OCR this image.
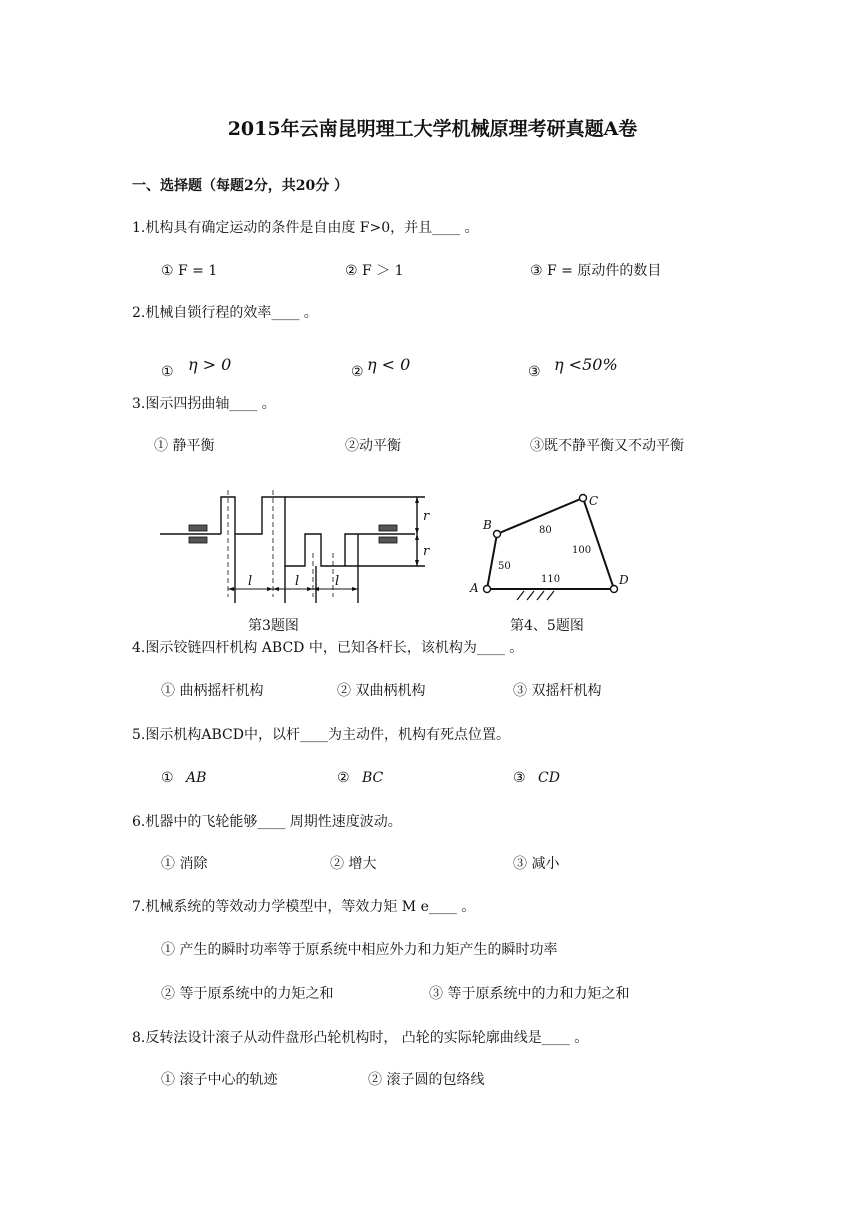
2015年云南昆明理工大学机械原理考研真题A卷
一、选择题（每题2分，共20分 ）
1.机构具有确定运动的条件是自由度 F>0，并且____ 。
① F = 1	② F ＞ 1	③ F = 原动件的数目
2.机械自锁行程的效率____ 。
① η > 0	② η < 0	③ η <50%
3.图示四拐曲轴____ 。
① 静平衡	②动平衡	③既不静平衡又不动平衡
r
r
l	l	l	A
B
C
D
50
80
100
110
第3题图	第4、5题图
4.图示铰链四杆机构 ABCD 中，已知各杆长，该机构为____ 。
① 曲柄摇杆机构	② 双曲柄机构	③ 双摇杆机构
5.图示机构ABCD中，以杆____为主动件，机构有死点位置。
① AB	② BC	③ CD
6.机器中的飞轮能够____ 周期性速度波动。
① 消除	② 增大	③ 减小
7.机械系统的等效动力学模型中，等效力矩 M e____ 。
① 产生的瞬时功率等于原系统中相应外力和力矩产生的瞬时功率
② 等于原系统中的力矩之和	③ 等于原系统中的力和力矩之和
8.反转法设计滚子从动件盘形凸轮机构时， 凸轮的实际轮廓曲线是____ 。
① 滚子中心的轨迹	② 滚子圆的包络线
